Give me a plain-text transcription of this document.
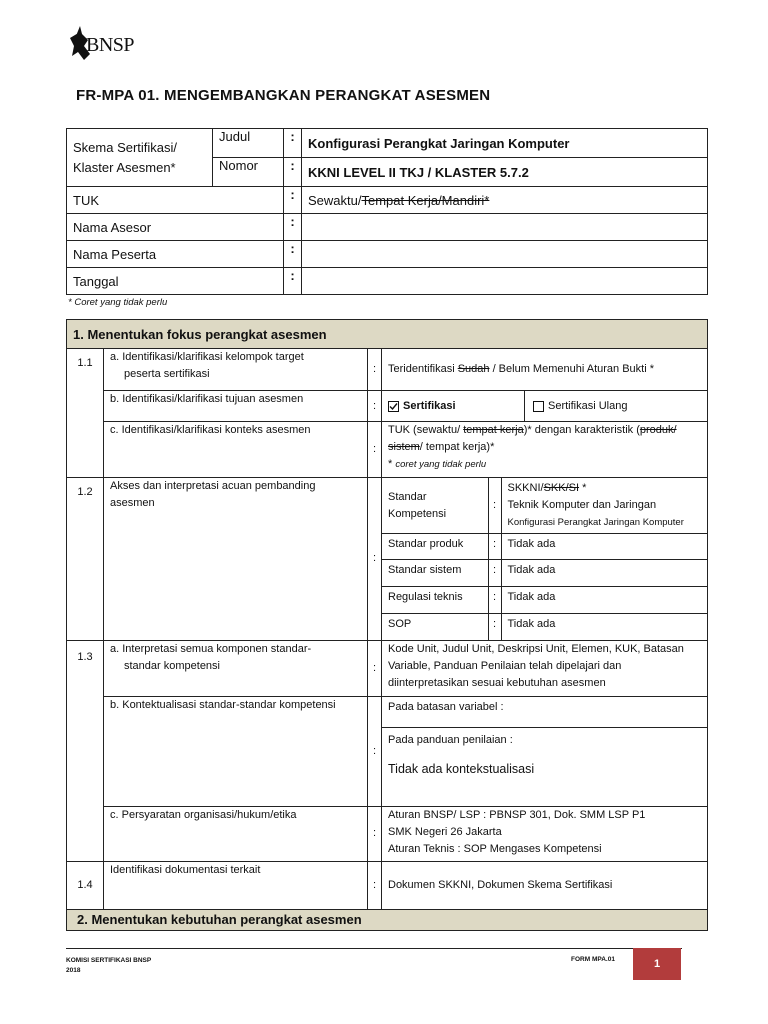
BNSP
FR-MPA 01. MENGEMBANGKAN PERANGKAT ASESMEN
Skema Sertifikasi/
Klaster Asesmen*	Judul	:	Konfigurasi Perangkat Jaringan Komputer
	Nomor	:	KKNI LEVEL II TKJ / KLASTER 5.7.2
TUK		:	Sewaktu/Tempat Kerja/Mandiri*
Nama Asesor		:	
Nama Peserta		:	
Tanggal		:	
* Coret yang tidak perlu
1. Menentukan fokus perangkat asesmen
1.1	a. Identifikasi/klarifikasi kelompok target
peserta sertifikasi	:	Teridentifikasi Sudah / Belum Memenuhi Aturan Bukti *
b. Identifikasi/klarifikasi tujuan asesmen	:	Sertifikasi	Sertifikasi Ulang

c. Identifikasi/klarifikasi konteks asesmen	:	TUK (sewaktu/ tempat kerja)* dengan karakteristik (produk/
sistem/ tempat kerja)*
* coret yang tidak perlu
1.2	Akses dan interpretasi acuan pembanding
asesmen	:	
Standar
Kompetensi	:	SKKNI/SKK/SI *
Teknik Komputer dan Jaringan
Konfigurasi Perangkat Jaringan Komputer
Standar produk	:	Tidak ada
Standar sistem	:	Tidak ada
Regulasi teknis	:	Tidak ada
SOP	:	Tidak ada

1.3	a. Interpretasi semua komponen standar-
standar kompetensi	:	Kode Unit, Judul Unit, Deskripsi Unit, Elemen, KUK, Batasan
Variable, Panduan Penilaian telah dipelajari dan
diinterpretasikan sesuai kebutuhan asesmen
b. Kontektualisasi standar-standar kompetensi	:	
Pada batasan variabel :
Pada panduan penilaian :
Tidak ada kontekstualisasi

c. Persyaratan organisasi/hukum/etika	:	Aturan BNSP/ LSP : PBNSP 301, Dok. SMM LSP P1
SMK Negeri 26 Jakarta
Aturan Teknis : SOP Mengases Kompetensi
1.4	Identifikasi dokumentasi terkait	:	Dokumen SKKNI, Dokumen Skema Sertifikasi
2. Menentukan kebutuhan perangkat asesmen
KOMISI SERTIFIKASI BNSP
2018
FORM MPA.01	1
